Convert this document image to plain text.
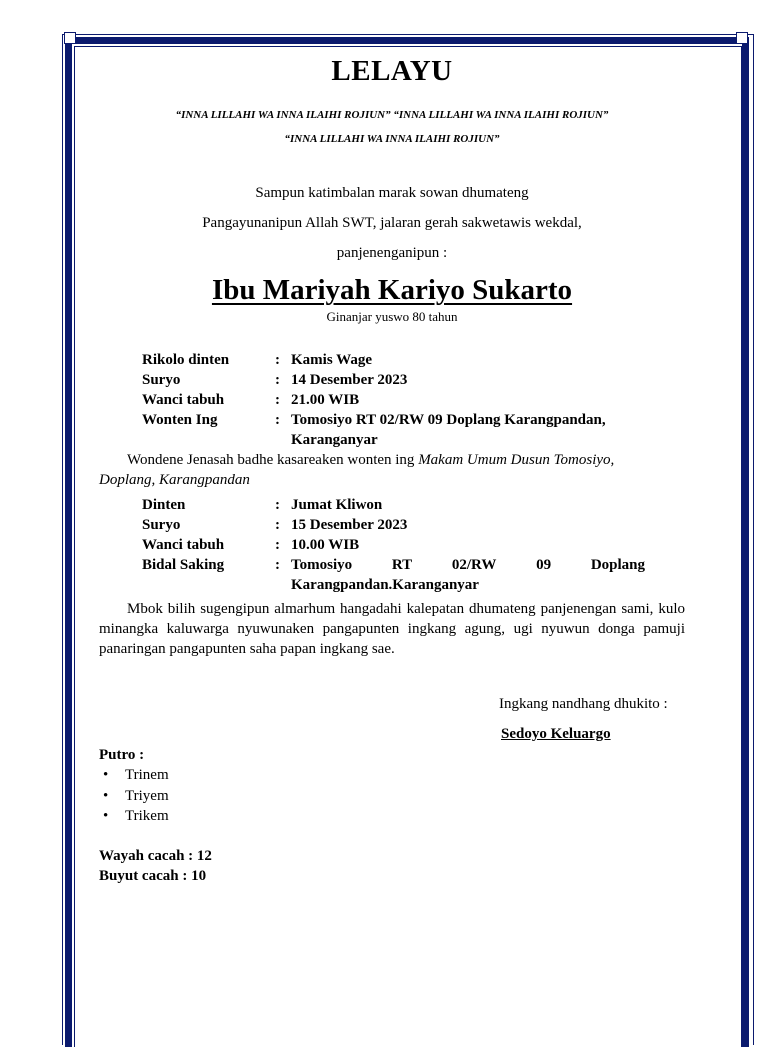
LELAYU
“INNA LILLAHI WA INNA ILAIHI ROJIUN” “INNA LILLAHI WA INNA ILAIHI ROJIUN”
“INNA LILLAHI WA INNA ILAIHI ROJIUN”
Sampun katimbalan marak sowan dhumateng
Pangayunanipun Allah SWT, jalaran gerah sakwetawis wekdal,
panjenenganipun :
Ibu Mariyah Kariyo Sukarto
Ginanjar yuswo 80 tahun
Rikolo dinten	: Kamis Wage
Suryo	: 14 Desember 2023
Wanci tabuh	: 21.00 WIB
Wonten Ing	: Tomosiyo RT 02/RW 09 Doplang Karangpandan,
Karanganyar
Wondene Jenasah badhe kasareaken wonten ing Makam Umum Dusun Tomosiyo,
Doplang, Karangpandan
Dinten	: Jumat Kliwon
Suryo	: 15 Desember 2023
Wanci tabuh	: 10.00 WIB
Bidal Saking	: Tomosiyo	RT	02/RW	09	Doplang
Karangpandan.Karanganyar
Mbok bilih sugengipun almarhum hangadahi kalepatan dhumateng panjenengan sami, kulo minangka kaluwarga nyuwunaken pangapunten ingkang agung, ugi nyuwun donga pamuji panaringan pangapunten saha papan ingkang sae.
Ingkang nandhang dhukito :
Sedoyo Keluargo
Putro :
• Trinem
• Triyem
• Trikem
Wayah cacah : 12
Buyut cacah : 10
